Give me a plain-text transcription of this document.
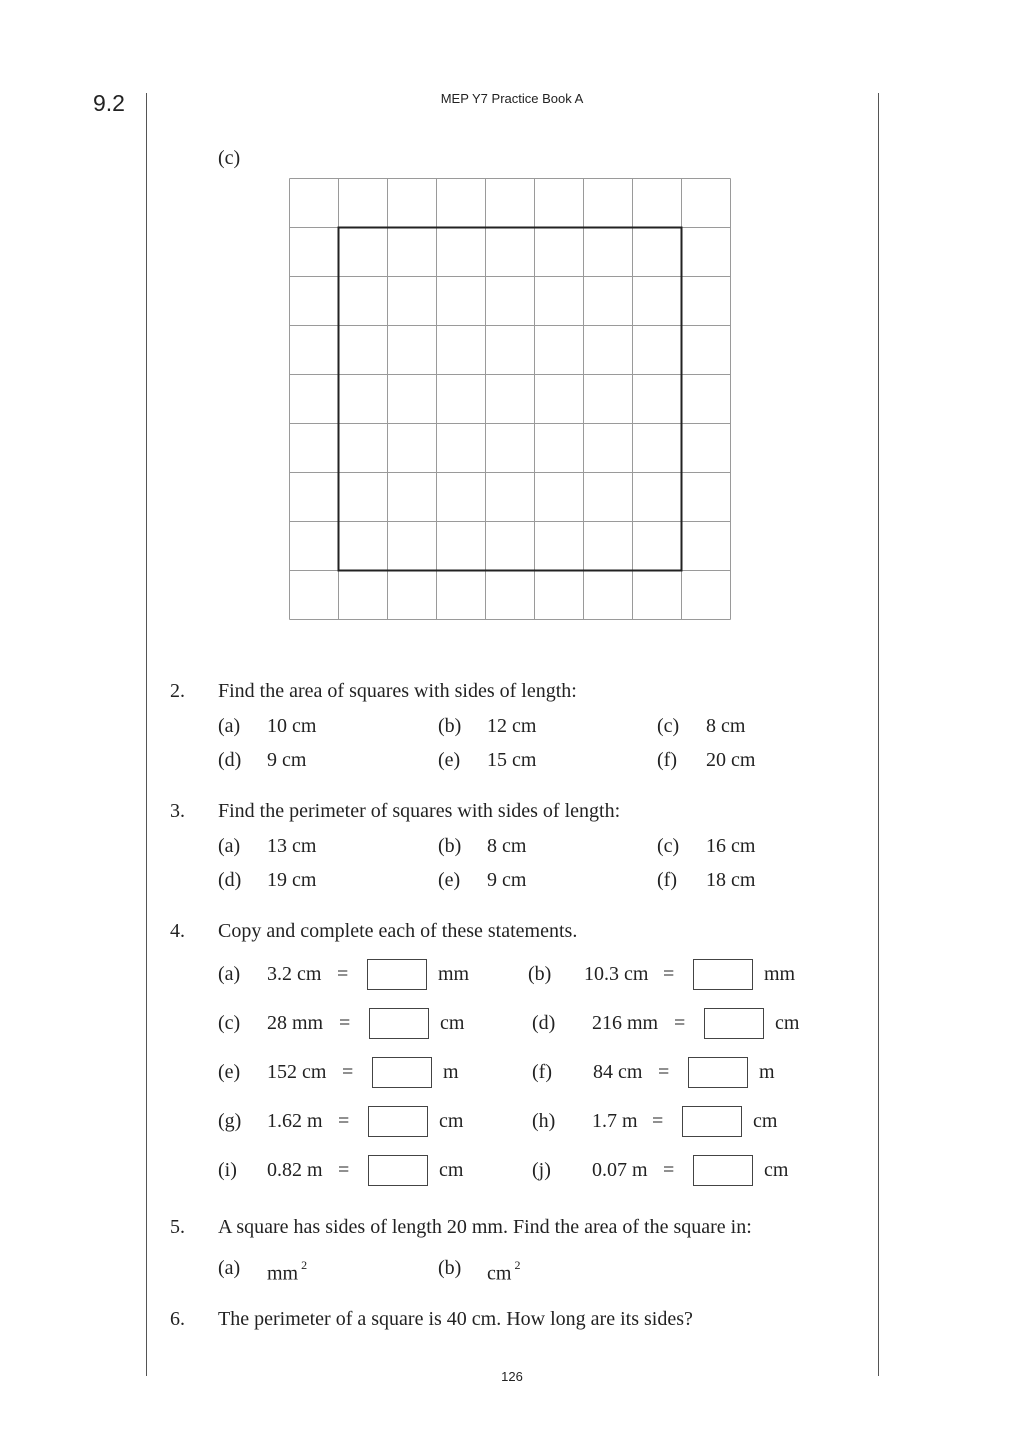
9.2	MEP Y7 Practice Book A
(c)
2. Find the area of squares with sides of length:
(a) 10 cm	(b) 12 cm	(c) 8 cm
(d) 9 cm	(e) 15 cm	(f) 20 cm
3. Find the perimeter of squares with sides of length:
(a) 13 cm	(b) 8 cm	(c) 16 cm
(d) 19 cm	(e) 9 cm	(f) 18 cm
4. Copy and complete each of these statements.
(a) 3.2 cm =	mm	(b) 10.3 cm =	mm
(c) 28 mm =	cm	(d) 216 mm =	cm
(e) 152 cm =	m	(f) 84 cm =	m
(g) 1.62 m =	cm	(h) 1.7 m =	cm
(i) 0.82 m =	cm	(j) 0.07 m =	cm
5. A square has sides of length 20 mm. Find the area of the square in:
(a) mm $^2$	(b) cm $^2$
6. The perimeter of a square is 40 cm. How long are its sides?
126
